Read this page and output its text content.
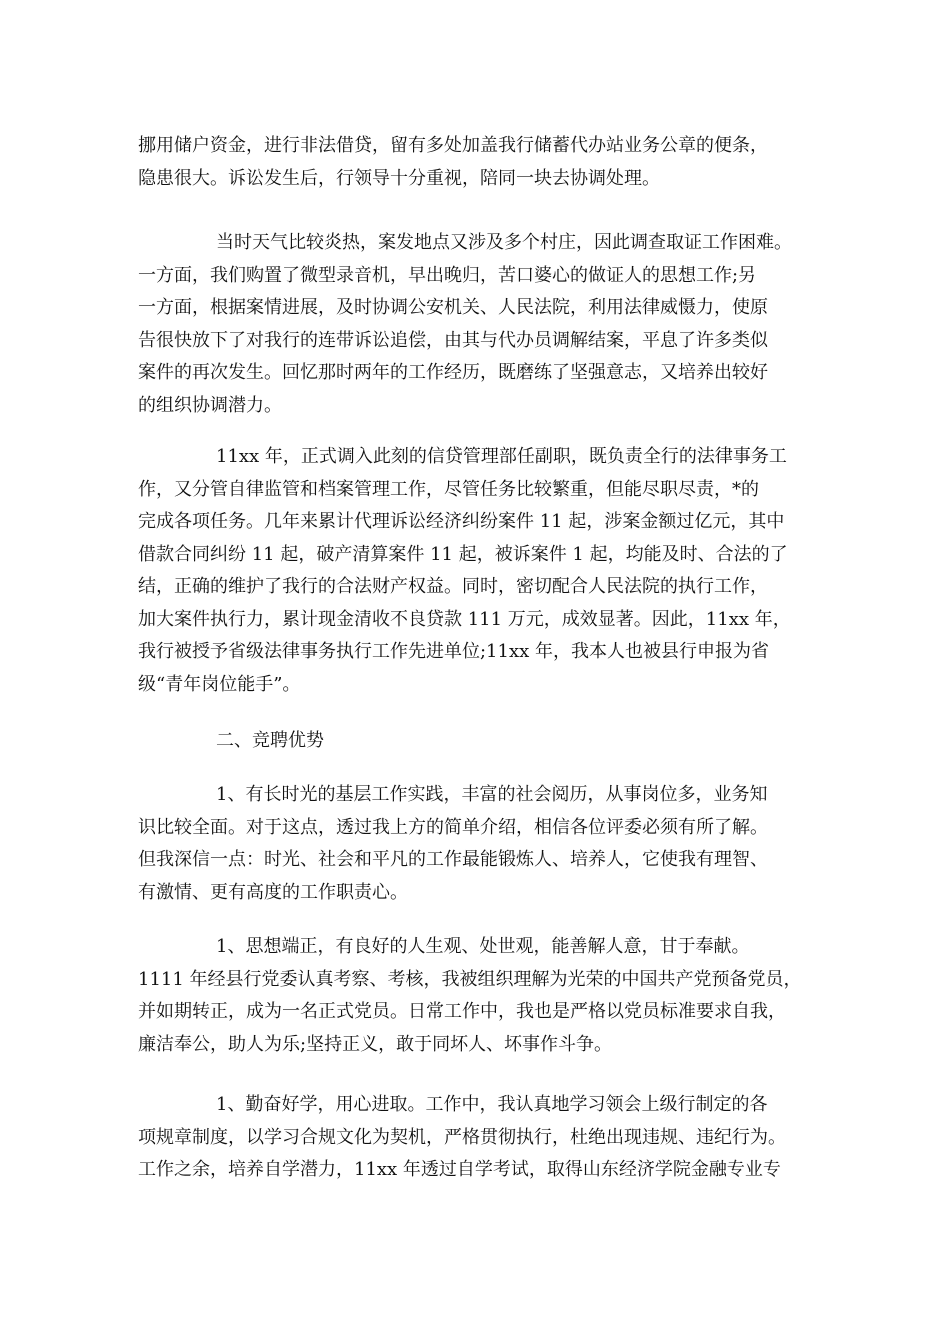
挪用储户资金，进行非法借贷，留有多处加盖我行储蓄代办站业务公章的便条，
隐患很大。诉讼发生后，行领导十分重视，陪同一块去协调处理。
当时天气比较炎热，案发地点又涉及多个村庄，因此调查取证工作困难。
一方面，我们购置了微型录音机，早出晚归，苦口婆心的做证人的思想工作;另
一方面，根据案情进展，及时协调公安机关、人民法院，利用法律威慑力，使原
告很快放下了对我行的连带诉讼追偿，由其与代办员调解结案，平息了许多类似
案件的再次发生。回忆那时两年的工作经历，既磨练了坚强意志，又培养出较好
的组织协调潜力。
11xx 年，正式调入此刻的信贷管理部任副职，既负责全行的法律事务工
作，又分管自律监管和档案管理工作，尽管任务比较繁重，但能尽职尽责，*的
完成各项任务。几年来累计代理诉讼经济纠纷案件 11 起，涉案金额过亿元，其中
借款合同纠纷 11 起，破产清算案件 11 起，被诉案件 1 起，均能及时、合法的了
结，正确的维护了我行的合法财产权益。同时，密切配合人民法院的执行工作，
加大案件执行力，累计现金清收不良贷款 111 万元，成效显著。因此，11xx 年，
我行被授予省级法律事务执行工作先进单位;11xx 年，我本人也被县行申报为省
级“青年岗位能手”。
二、竞聘优势
1、有长时光的基层工作实践，丰富的社会阅历，从事岗位多，业务知
识比较全面。对于这点，透过我上方的简单介绍，相信各位评委必须有所了解。
但我深信一点：时光、社会和平凡的工作最能锻炼人、培养人，它使我有理智、
有激情、更有高度的工作职责心。
1、思想端正，有良好的人生观、处世观，能善解人意，甘于奉献。
1111 年经县行党委认真考察、考核，我被组织理解为光荣的中国共产党预备党员，
并如期转正，成为一名正式党员。日常工作中，我也是严格以党员标准要求自我，
廉洁奉公，助人为乐;坚持正义，敢于同坏人、坏事作斗争。
1、勤奋好学，用心进取。工作中，我认真地学习领会上级行制定的各
项规章制度，以学习合规文化为契机，严格贯彻执行，杜绝出现违规、违纪行为。
工作之余，培养自学潜力，11xx 年透过自学考试，取得山东经济学院金融专业专
